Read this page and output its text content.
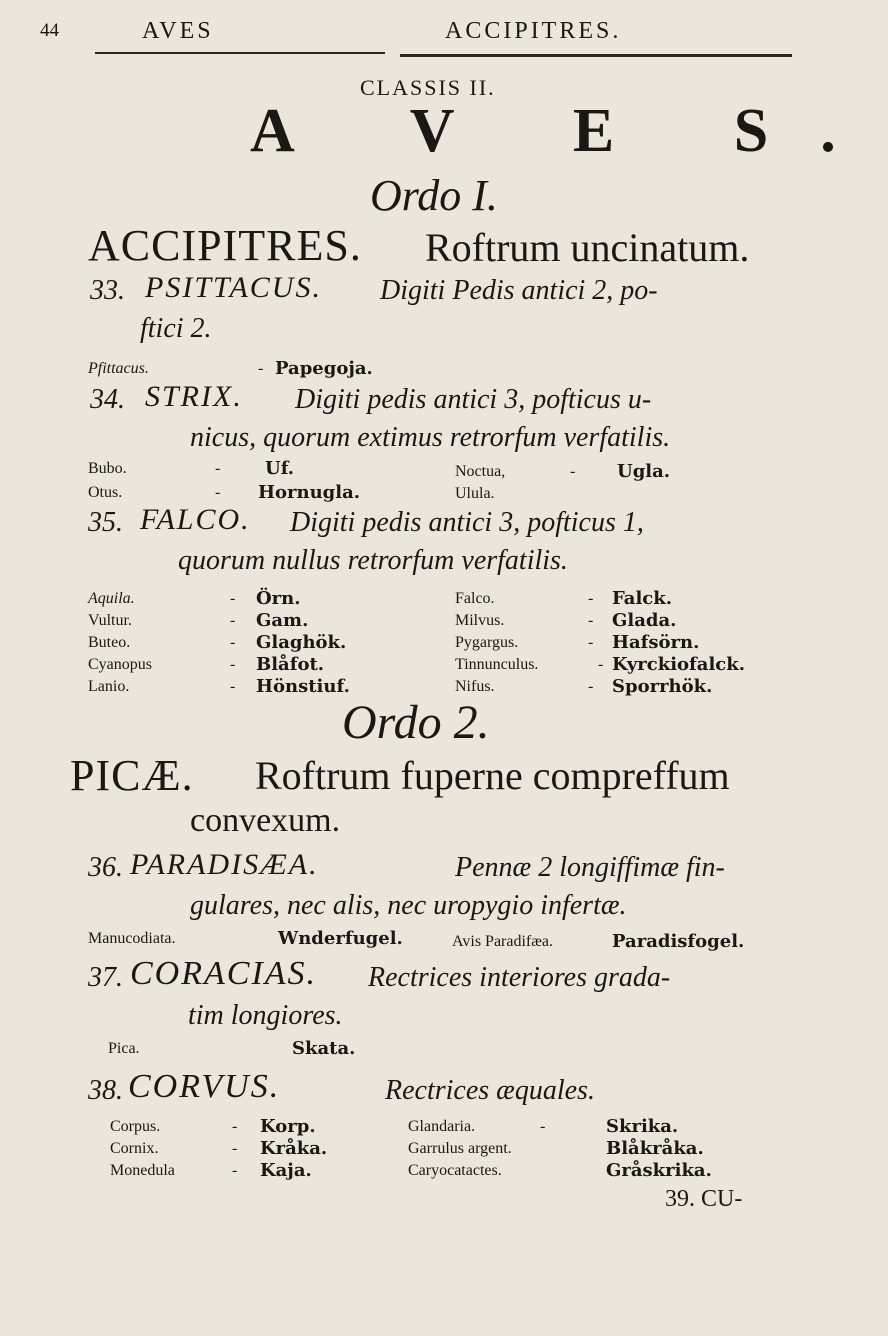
44	AVES	ACCIPITRES.
CLASSIS II.
A V E S.
Ordo I.
ACCIPITRES. Roftrum uncinatum.
33. PSITTACUS. Digiti Pedis antici 2, po-
ftici 2.
Pfittacus.	- Papegoja.
34. STRIX. Digiti pedis antici 3, pofticus u-
nicus, quorum extimus retrorfum verfatilis.
Bubo.	- Uf.
Otus.	- Hornugla.
Noctua,	- Ugla.
Ulula.
35. FALCO. Digiti pedis antici 3, pofticus 1,
quorum nullus retrorfum verfatilis.
Aquila.	- Örn.
Vultur.	- Gam.
Buteo.	- Glaghök.
Cyanopus	- Blåfot.
Lanio.	- Hönstiuf.
Falco.	- Falck.
Milvus.	- Glada.
Pygargus.	- Hafsörn.
Tinnunculus.	- Kyrckiofalck.
Nifus.	- Sporrhök.
Ordo 2.
PICÆ. Roftrum fuperne compreffum
convexum.
36. PARADISÆA.	Pennæ 2 longiffimæ fin-
gulares, nec alis, nec uropygio infertæ.
Manucodiata.	Wnderfugel.	Avis Paradifæa.	Paradisfogel.
37. CORACIAS. Rectrices interiores grada-
tim longiores.
Pica.	Skata.
38. CORVUS.	Rectrices æquales.
Corpus.	- Korp.
Cornix.	- Kråka.
Monedula	- Kaja.
Glandaria.	-	Skrika.
Garrulus argent.	Blåkråka.
Caryocatactes.	Gråskrika.
39. CU-
